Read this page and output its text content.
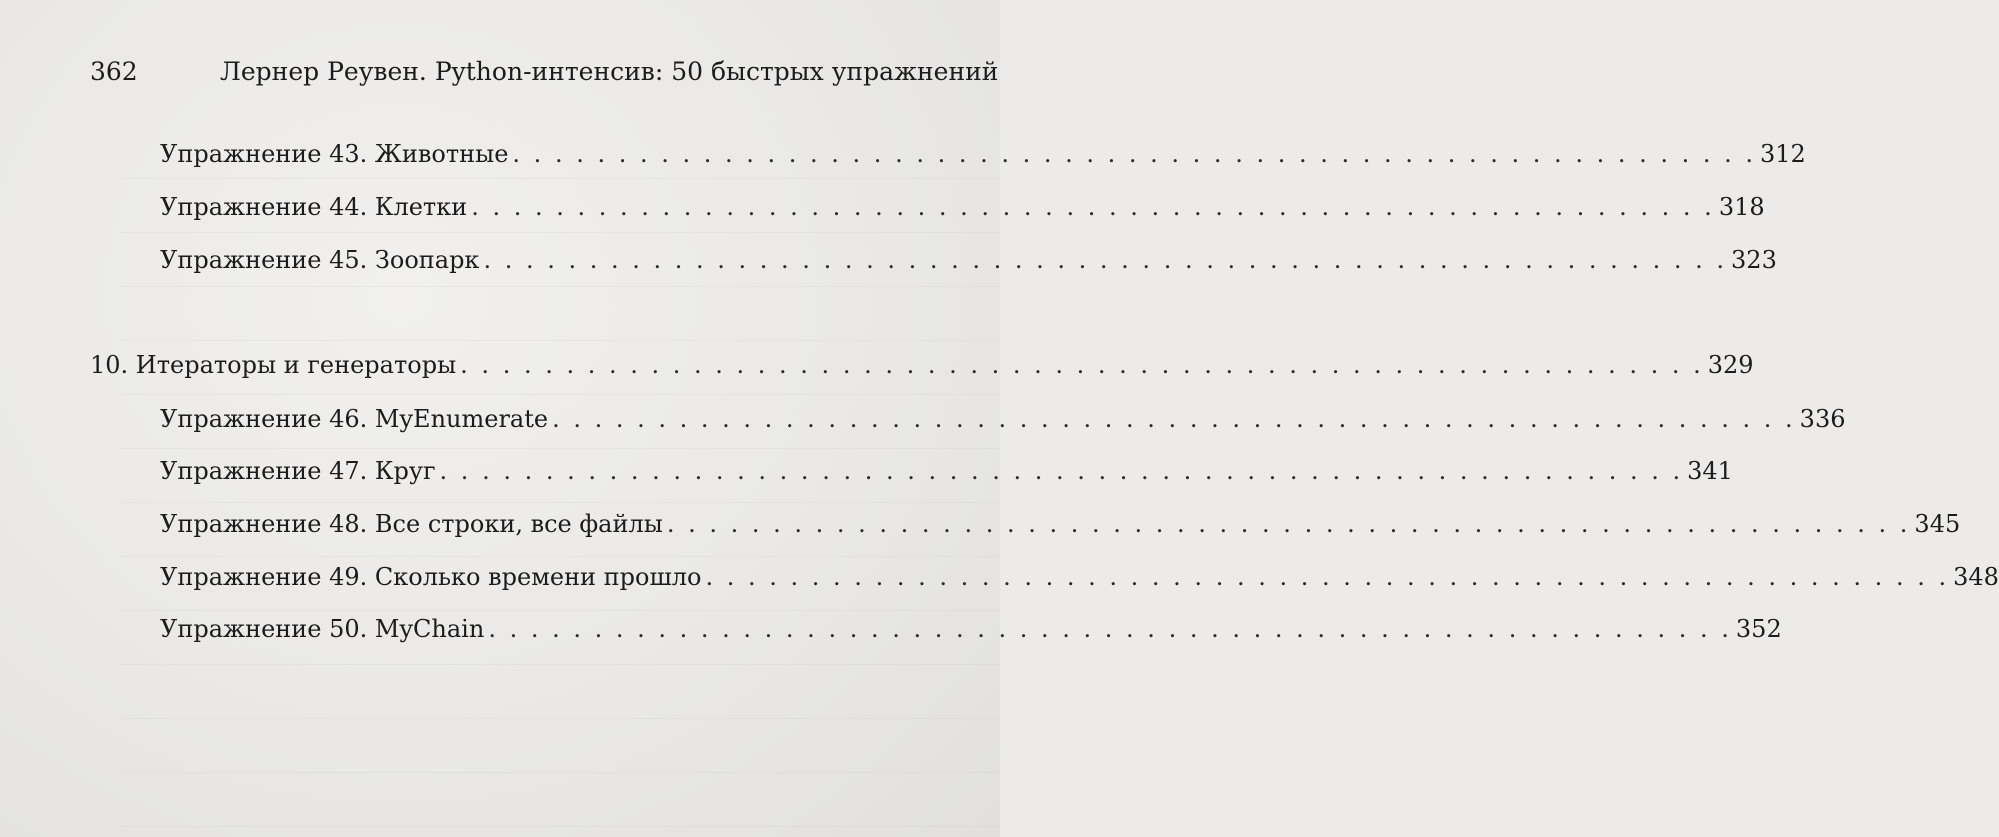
362	Лернер Реувен. Python-интенсив: 50 быстрых упражнений
Упражнение 43. Животные . . . . . . . . . . . . . . . . . . . . . . . . . . . . . . . . . . . . . . . . . . . . . . . . . . . . . . . . . . . 312
Упражнение 44. Клетки . . . . . . . . . . . . . . . . . . . . . . . . . . . . . . . . . . . . . . . . . . . . . . . . . . . . . . . . . . . 318
Упражнение 45. Зоопарк . . . . . . . . . . . . . . . . . . . . . . . . . . . . . . . . . . . . . . . . . . . . . . . . . . . . . . . . . . . 323
10. Итераторы и генераторы . . . . . . . . . . . . . . . . . . . . . . . . . . . . . . . . . . . . . . . . . . . . . . . . . . . . . . . . . . . 329
Упражнение 46. MyEnumerate . . . . . . . . . . . . . . . . . . . . . . . . . . . . . . . . . . . . . . . . . . . . . . . . . . . . . . . . . . . 336
Упражнение 47. Круг . . . . . . . . . . . . . . . . . . . . . . . . . . . . . . . . . . . . . . . . . . . . . . . . . . . . . . . . . . . 341
Упражнение 48. Все строки, все файлы . . . . . . . . . . . . . . . . . . . . . . . . . . . . . . . . . . . . . . . . . . . . . . . . . . . . . . . . . . . 345
Упражнение 49. Сколько времени прошло . . . . . . . . . . . . . . . . . . . . . . . . . . . . . . . . . . . . . . . . . . . . . . . . . . . . . . . . . . . 348
Упражнение 50. MyChain . . . . . . . . . . . . . . . . . . . . . . . . . . . . . . . . . . . . . . . . . . . . . . . . . . . . . . . . . . . 352
